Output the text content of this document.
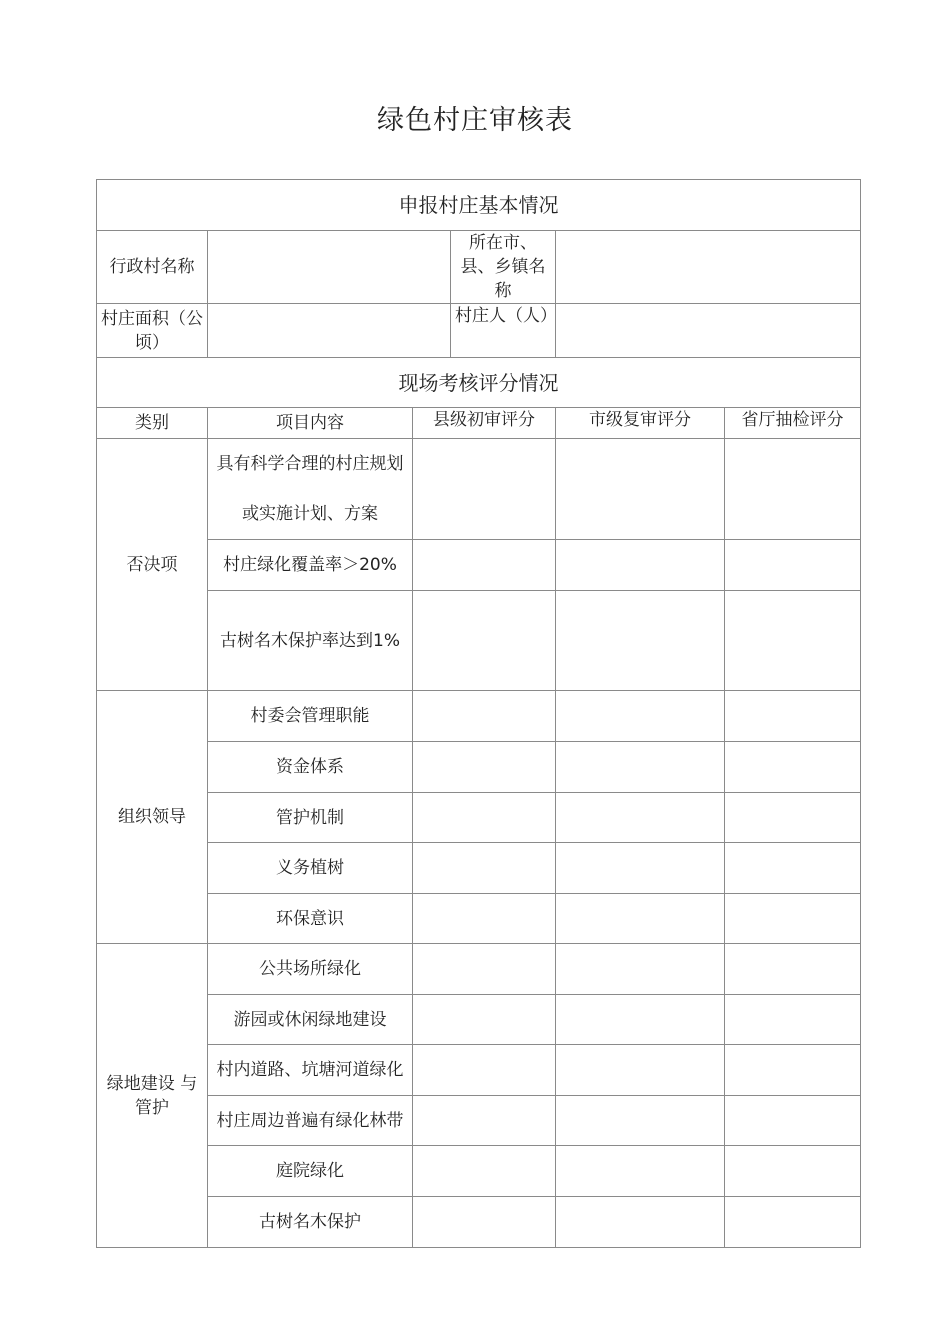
绿色村庄审核表
申报村庄基本情况					
行政村名称			所在市、县、乡镇名称		
村庄面积（公顷）			村庄人（人）		
现场考核评分情况					
类别	项目内容	县级初审评分		市级复审评分	省厅抽检评分
否决项	具有科学合理的村庄规划或实施计划、方案				
	村庄绿化覆盖率＞20%				
	古树名木保护率达到1%				
组织领导	村委会管理职能				
	资金体系				
	管护机制				
	义务植树				
	环保意识				
绿地建设 与管护	公共场所绿化				
	游园或休闲绿地建设				
	村内道路、坑塘河道绿化				
	村庄周边普遍有绿化林带				
	庭院绿化				
	古树名木保护				
